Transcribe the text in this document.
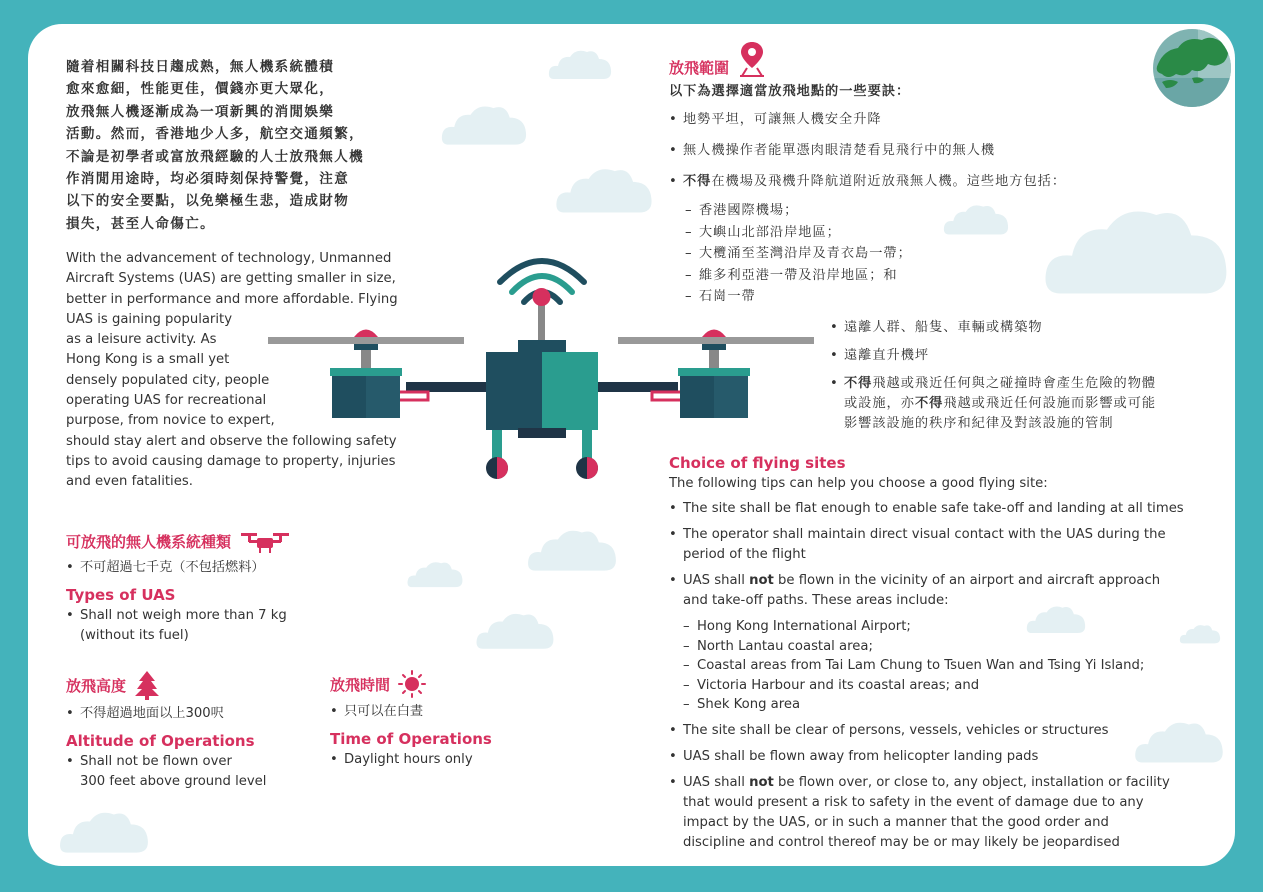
隨着相關科技日趨成熟，無人機系統體積

愈來愈細，性能更佳，價錢亦更大眾化，

放飛無人機逐漸成為一項新興的消閒娛樂

活動。然而，香港地少人多，航空交通頻繁，

不論是初學者或富放飛經驗的人士放飛無人機

作消閒用途時，均必須時刻保持警覺，注意

以下的安全要點，以免樂極生悲，造成財物

損失，甚至人命傷亡。

With the advancement of technology, Unmanned

Aircraft Systems (UAS) are getting smaller in size,

better in performance and more affordable. Flying

UAS is gaining popularity

as a leisure activity. As

Hong Kong is a small yet

densely populated city, people

operating UAS for recreational

purpose, from novice to expert,

should stay alert and observe the following safety

tips to avoid causing damage to property, injuries

and even fatalities.

可放飛的無人機系統種類

• 不可超過七千克（不包括燃料）

Types of UAS

• Shall not weigh more than 7 kg
(without its fuel)

放飛高度

• 不得超過地面以上300呎

Altitude of Operations

• Shall not be flown over
300 feet above ground level

放飛時間

• 只可以在白晝

Time of Operations

• Daylight hours only

放飛範圍

以下為選擇適當放飛地點的一些要訣：

• 地勢平坦，可讓無人機安全升降
• 無人機操作者能單憑肉眼清楚看見飛行中的無人機
• 不得在機場及飛機升降航道附近放飛無人機。這些地方包括：
– 香港國際機場；
– 大嶼山北部沿岸地區；
– 大欖涌至荃灣沿岸及青衣島一帶；
– 維多利亞港一帶及沿岸地區；和
– 石崗一帶
• 遠離人群、船隻、車輛或構築物
• 遠離直升機坪
• 不得飛越或飛近任何與之碰撞時會產生危險的物體
或設施，亦不得飛越或飛近任何設施而影響或可能
影響該設施的秩序和紀律及對該設施的管制

Choice of flying sites

The following tips can help you choose a good flying site:

• The site shall be flat enough to enable safe take-off and landing at all times
• The operator shall maintain direct visual contact with the UAS during the
period of the flight
• UAS shall not be flown in the vicinity of an airport and aircraft approach
and take-off paths. These areas include:
– Hong Kong International Airport;
– North Lantau coastal area;
– Coastal areas from Tai Lam Chung to Tsuen Wan and Tsing Yi Island;
– Victoria Harbour and its coastal areas; and
– Shek Kong area
• The site shall be clear of persons, vessels, vehicles or structures
• UAS shall be flown away from helicopter landing pads
• UAS shall not be flown over, or close to, any object, installation or facility
that would present a risk to safety in the event of damage due to any
impact by the UAS, or in such a manner that the good order and
discipline and control thereof may be or may likely be jeopardised
